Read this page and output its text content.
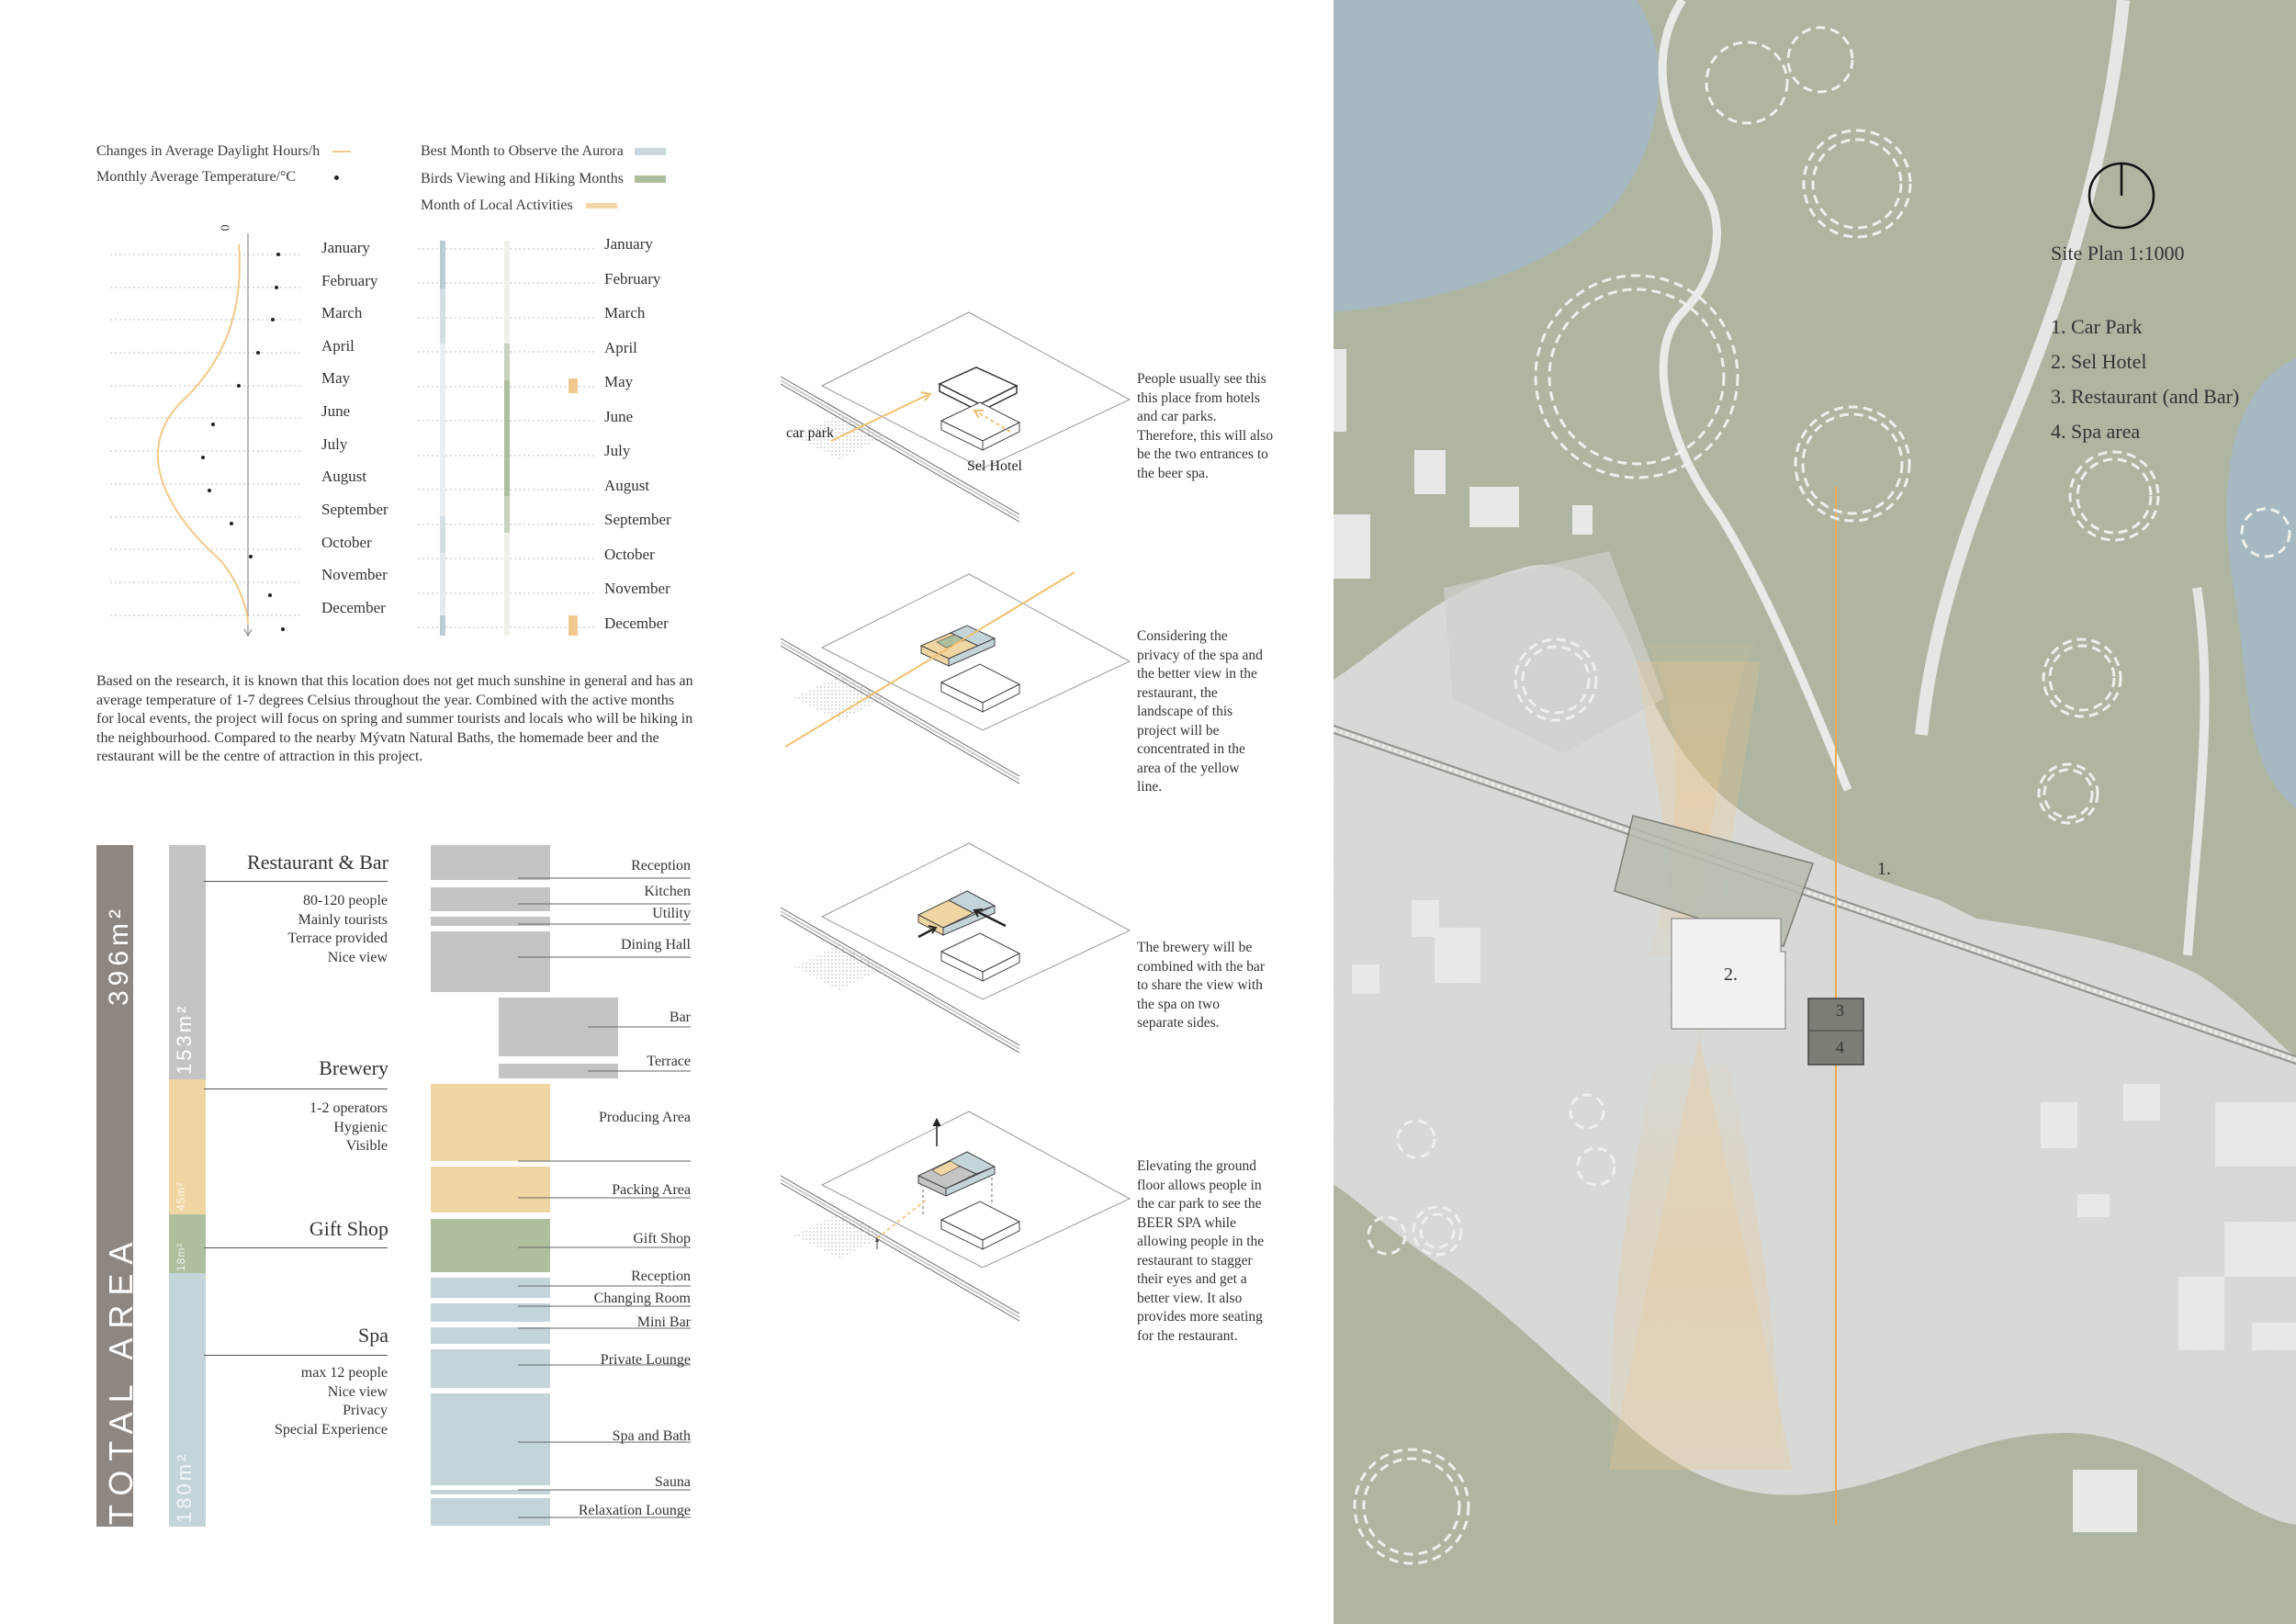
Changes in Average Daylight Hours/h
Monthly Average Temperature/°C
Best Month to Observe the Aurora
Birds Viewing and Hiking Months
Month of Local Activities
0
January
February
March
April
May
June
July
August
September
October
November
December
January
February
March
April
May
June
July
August
September
October
November
December
Based on the research, it is known that this location does not get much sunshine in general and has an average temperature of 1-7 degrees Celsius throughout the year. Combined with the active months for local events, the project will focus on spring and summer tourists and locals who will be hiking in the neighbourhood. Compared to the nearby Mývatn Natural Baths, the homemade beer and the restaurant will be the centre of attraction in this project.
TOTAL AREA
396m²
153m²
45m²
18m²
180m²
Restaurant & Bar
80-120 people
Mainly tourists
Terrace provided
Nice view
Brewery
1-2 operators
Hygienic
Visible
Gift Shop
Spa
max 12 people
Nice view
Privacy
Special Experience
Reception
Kitchen
Utility
Dining Hall
Bar
Terrace
Producing Area
Packing Area
Gift Shop
Reception
Changing Room
Mini Bar
Private Lounge
Spa and Bath
Sauna
Relaxation Lounge
car park
Sel Hotel
People usually see this this place from hotels and car parks. Therefore, this will also be the two entrances to the beer spa.
Considering the privacy of the spa and the better view in the restaurant, the landscape of this project will be concentrated in the area of the yellow line.
The brewery will be combined with the bar to share the view with the spa on two separate sides.
Elevating the ground floor allows people in the car park to see the BEER SPA while allowing people in the restaurant to stagger their eyes and get a better view. It also provides more seating for the restaurant.
1.
2.
3
4
Site Plan 1:1000
1. Car Park
2. Sel Hotel
3. Restaurant (and Bar)
4. Spa area
